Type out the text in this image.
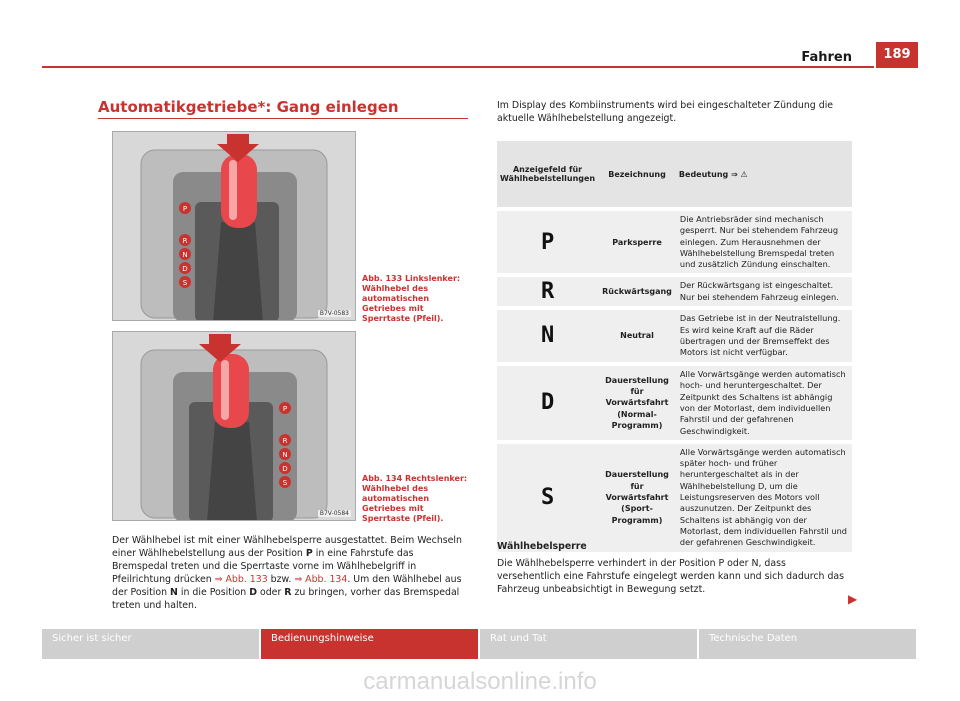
Fahren	189
Automatikgetriebe*: Gang einlegen
P
R
N
D
S
B7V-0583
Abb. 133 Linkslenker: Wählhebel des automatischen Getriebes mit Sperrtaste (Pfeil).
P
R
N
D
S
B7V-0584
Abb. 134 Rechtslenker: Wählhebel des automatischen Getriebes mit Sperrtaste (Pfeil).
Der Wählhebel ist mit einer Wählhebelsperre ausgestattet. Beim Wechseln einer Wählhebelstellung aus der Position P in eine Fahrstufe das Bremspedal treten und die Sperrtaste vorne im Wählhebelgriff in Pfeilrichtung drücken ⇒ Abb. 133 bzw. ⇒ Abb. 134. Um den Wählhebel aus der Position N in die Position D oder R zu bringen, vorher das Bremspedal treten und halten.
Im Display des Kombiinstruments wird bei eingeschalteter Zündung die aktuelle Wählhebelstellung angezeigt.
Anzeigefeld für Wählhebelstellungen	Bezeichnung	Bedeutung ⇒ ⚠
P	Parksperre	Die Antriebsräder sind mechanisch gesperrt. Nur bei stehendem Fahrzeug einlegen. Zum Herausnehmen der Wählhebelstellung Bremspedal treten und zusätzlich Zündung einschalten.
R	Rückwärtsgang	Der Rückwärtsgang ist eingeschaltet. Nur bei stehendem Fahrzeug einlegen.
N	Neutral	Das Getriebe ist in der Neutralstellung. Es wird keine Kraft auf die Räder übertragen und der Bremseffekt des Motors ist nicht verfügbar.
D	Dauerstellung für Vorwärtsfahrt (Normal-Programm)	Alle Vorwärtsgänge werden automatisch hoch- und heruntergeschaltet. Der Zeitpunkt des Schaltens ist abhängig von der Motorlast, dem individuellen Fahrstil und der gefahrenen Geschwindigkeit.
S	Dauerstellung für Vorwärtsfahrt (Sport-Programm)	Alle Vorwärtsgänge werden automatisch später hoch- und früher heruntergeschaltet als in der Wählhebelstellung D, um die Leistungsreserven des Motors voll auszunutzen. Der Zeitpunkt des Schaltens ist abhängig von der Motorlast, dem individuellen Fahrstil und der gefahrenen Geschwindigkeit.
Wählhebelsperre
Die Wählhebelsperre verhindert in der Position P oder N, dass versehentlich eine Fahrstufe eingelegt werden kann und sich dadurch das Fahrzeug unbeabsichtigt in Bewegung setzt.
▶
Sicher ist sicher	Bedienungshinweise	Rat und Tat	Technische Daten
carmanualsonline.info
